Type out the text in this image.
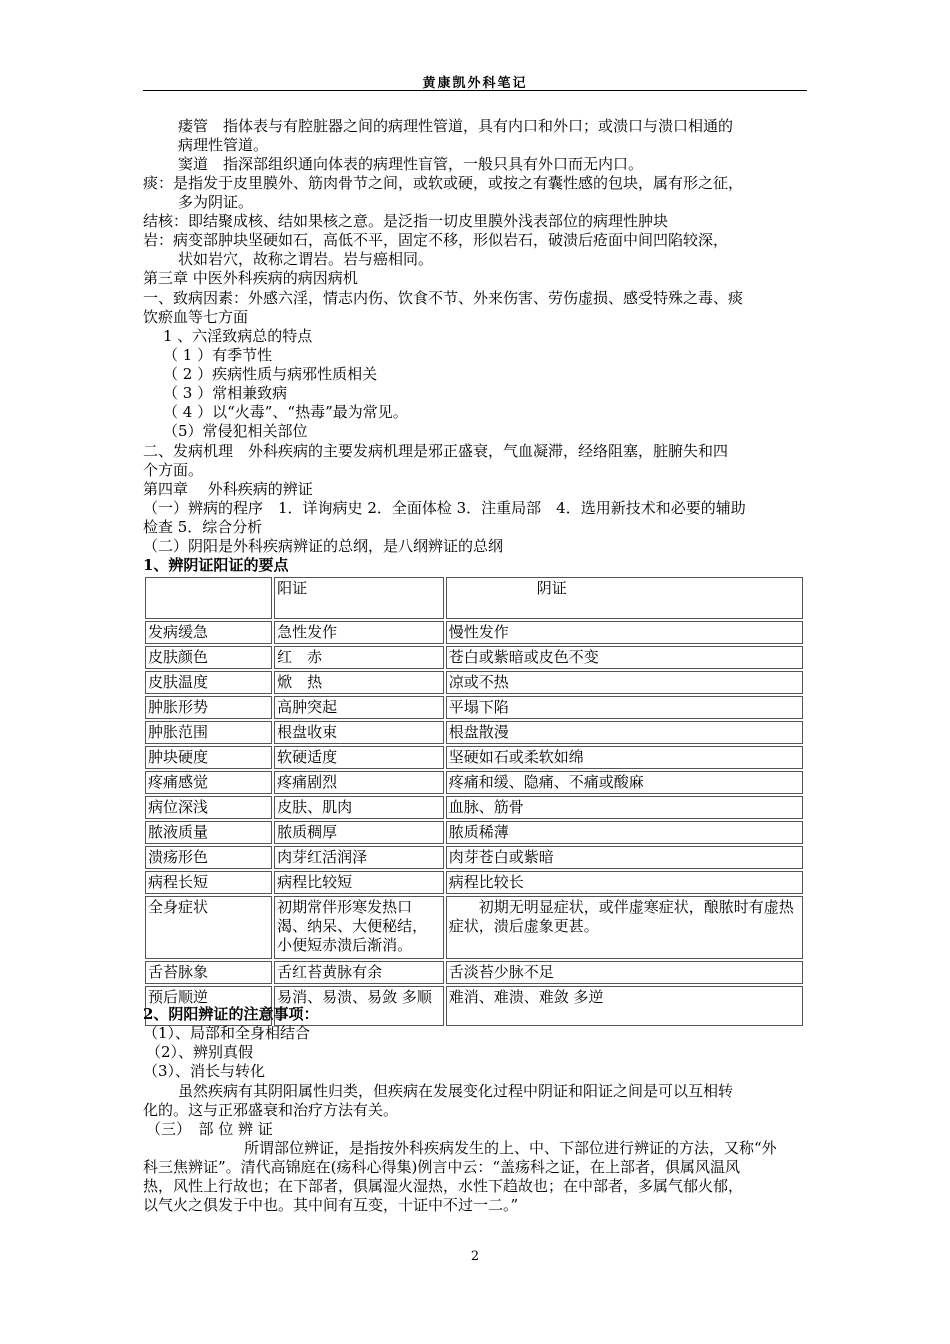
黄康凯外科笔记
瘘管　指体表与有腔脏器之间的病理性管道，具有内口和外口；或溃口与溃口相通的
病理性管道。
窦道　指深部组织通向体表的病理性盲管，一般只具有外口而无内口。
痰：是指发于皮里膜外、筋肉骨节之间，或软或硬，或按之有囊性感的包块，属有形之征，
多为阴证。
结核：即结聚成核、结如果核之意。是泛指一切皮里膜外浅表部位的病理性肿块
岩：病变部肿块坚硬如石，高低不平，固定不移，形似岩石，破溃后疮面中间凹陷较深，
状如岩穴，故称之谓岩。岩与癌相同。
第三章 中医外科疾病的病因病机
一、致病因素：外感六淫，情志内伤、饮食不节、外来伤害、劳伤虚损、感受特殊之毒、痰
饮瘀血等七方面
1 、六淫致病总的特点
（ 1 ）有季节性
（ 2 ）疾病性质与病邪性质相关
（ 3 ）常相兼致病
（ 4 ）以“火毒”、“热毒”最为常见。
（5）常侵犯相关部位
二、发病机理　外科疾病的主要发病机理是邪正盛衰，气血凝滞，经络阻塞，脏腑失和四
个方面。
第四章　 外科疾病的辨证
（一）辨病的程序　1．详询病史 2．全面体检 3．注重局部　4．选用新技术和必要的辅助
检查 5．综合分析
（二）阴阳是外科疾病辨证的总纲，是八纲辨证的总纲
1、辨阴证阳证的要点
	阳证	阴证
发病缓急	急性发作	慢性发作
皮肤颜色	红　赤	苍白或紫暗或皮色不变
皮肤温度	焮　热	凉或不热
肿胀形势	高肿突起	平塌下陷
肿胀范围	根盘收束	根盘散漫
肿块硬度	软硬适度	坚硬如石或柔软如绵
疼痛感觉	疼痛剧烈	疼痛和缓、隐痛、不痛或酸麻
病位深浅	皮肤、肌肉	血脉、筋骨
脓液质量	脓质稠厚	脓质稀薄
溃疡形色	肉芽红活润泽	肉芽苍白或紫暗
病程长短	病程比较短	病程比较长
全身症状	初期常伴形寒发热口渴、纳呆、大便秘结，小便短赤溃后渐消。	　　初期无明显症状，或伴虚寒症状，酿脓时有虚热症状，溃后虚象更甚。
舌苔脉象	舌红苔黄脉有余	舌淡苔少脉不足
预后顺逆	易消、易溃、易敛 多顺	难消、难溃、难敛 多逆
2、阴阳辨证的注意事项：
（1）、局部和全身相结合
（2）、辨别真假
（3）、消长与转化
虽然疾病有其阴阳属性归类，但疾病在发展变化过程中阴证和阳证之间是可以互相转
化的。这与正邪盛衰和治疗方法有关。
（三）　部 位 辨 证
所谓部位辨证，是指按外科疾病发生的上、中、下部位进行辨证的方法，又称“外
科三焦辨证”。清代高锦庭在(疡科心得集)例言中云：“盖疡科之证，在上部者，俱属风温风
热，风性上行故也；在下部者，俱属湿火湿热，水性下趋故也；在中部者，多属气郁火郁，
以气火之俱发于中也。其中间有互变，十证中不过一二。”
2
